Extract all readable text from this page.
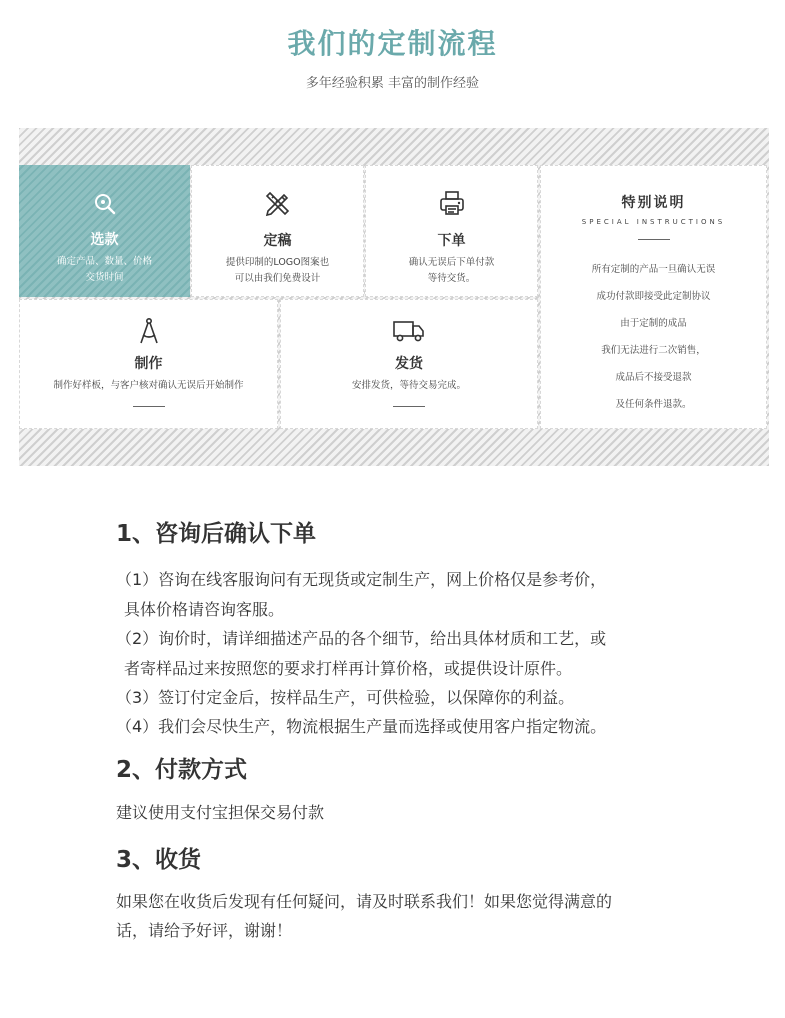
我们的定制流程
多年经验积累 丰富的制作经验
选款
确定产品、数量、价格
交货时间
定稿
提供印制的LOGO图案也
可以由我们免费设计
下单
确认无误后下单付款
等待交货。
特别说明
SPECIAL INSTRUCTIONS
所有定制的产品一旦确认无误
成功付款即接受此定制协议
由于定制的成品
我们无法进行二次销售，
成品后不接受退款
及任何条件退款。
制作
制作好样板，与客户核对确认无误后开始制作
发货
安排发货，等待交易完成。
1、咨询后确认下单
（1）咨询在线客服询问有无现货或定制生产，网上价格仅是参考价，
具体价格请咨询客服。
（2）询价时，请详细描述产品的各个细节，给出具体材质和工艺，或
者寄样品过来按照您的要求打样再计算价格，或提供设计原件。
（3）签订付定金后，按样品生产，可供检验，以保障你的利益。
（4）我们会尽快生产，物流根据生产量而选择或使用客户指定物流。
2、付款方式
建议使用支付宝担保交易付款
3、收货
如果您在收货后发现有任何疑问，请及时联系我们！如果您觉得满意的
话，请给予好评，谢谢！
